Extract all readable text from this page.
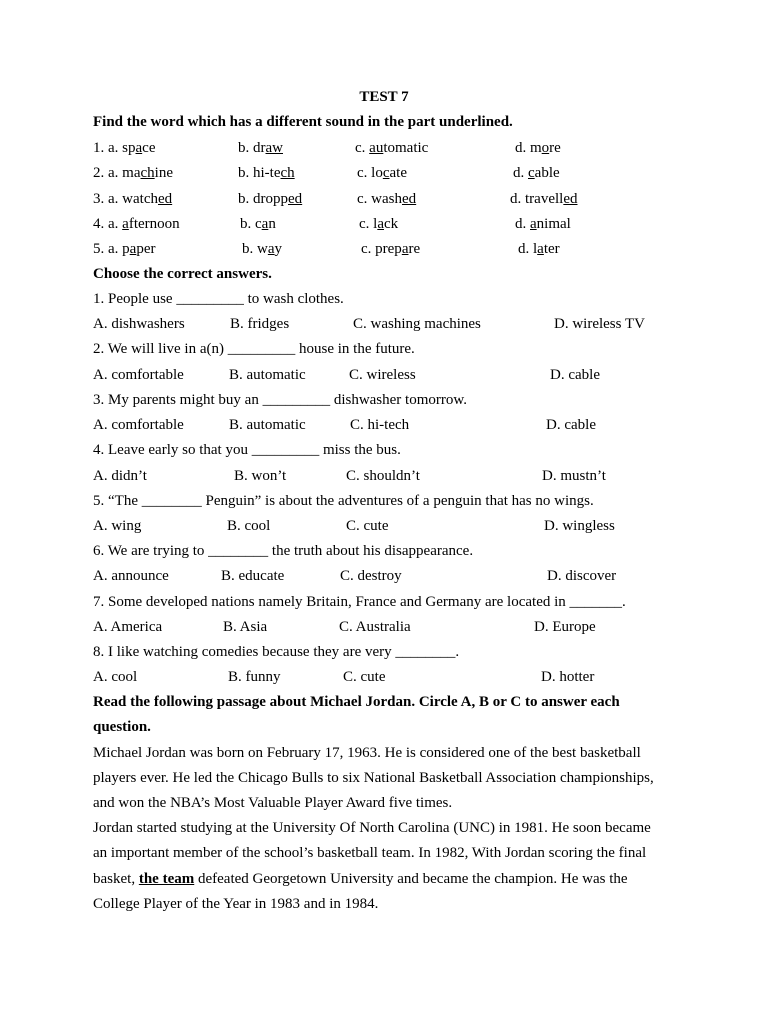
TEST 7
Find the word which has a different sound in the part underlined.
1. a. space	b. draw	c. automatic	d. more
2. a. machine	b. hi-tech	c. locate	d. cable
3. a. watched	b. dropped	c. washed	d. travelled
4. a. afternoon	b. can	c. lack	d. animal
5. a. paper	b. way	c. prepare	d. later
Choose the correct answers.
1. People use _________ to wash clothes.
A. dishwashers	B. fridges	C. washing machines	D. wireless TV
2. We will live in a(n) _________ house in the future.
A. comfortable	B. automatic	C. wireless	D. cable
3. My parents might buy an _________ dishwasher tomorrow.
A. comfortable	B. automatic	C. hi-tech	D. cable
4. Leave early so that you _________ miss the bus.
A. didn’t	B. won’t	C. shouldn’t	D. mustn’t
5. “The ________ Penguin” is about the adventures of a penguin that has no wings.
A. wing	B. cool	C. cute	D. wingless
6. We are trying to ________ the truth about his disappearance.
A. announce	B. educate	C. destroy	D. discover
7. Some developed nations namely Britain, France and Germany are located in _______.
A. America	B. Asia	C. Australia	D. Europe
8. I like watching comedies because they are very ________.
A. cool	B. funny	C. cute	D. hotter
Read the following passage about Michael Jordan. Circle A, B or C to answer each
question.
Michael Jordan was born on February 17, 1963. He is considered one of the best basketball
players ever. He led the Chicago Bulls to six National Basketball Association championships,
and won the NBA’s Most Valuable Player Award five times.
Jordan started studying at the University Of North Carolina (UNC) in 1981. He soon became
an important member of the school’s basketball team. In 1982, With Jordan scoring the final
basket, the team defeated Georgetown University and became the champion. He was the
College Player of the Year in 1983 and in 1984.
